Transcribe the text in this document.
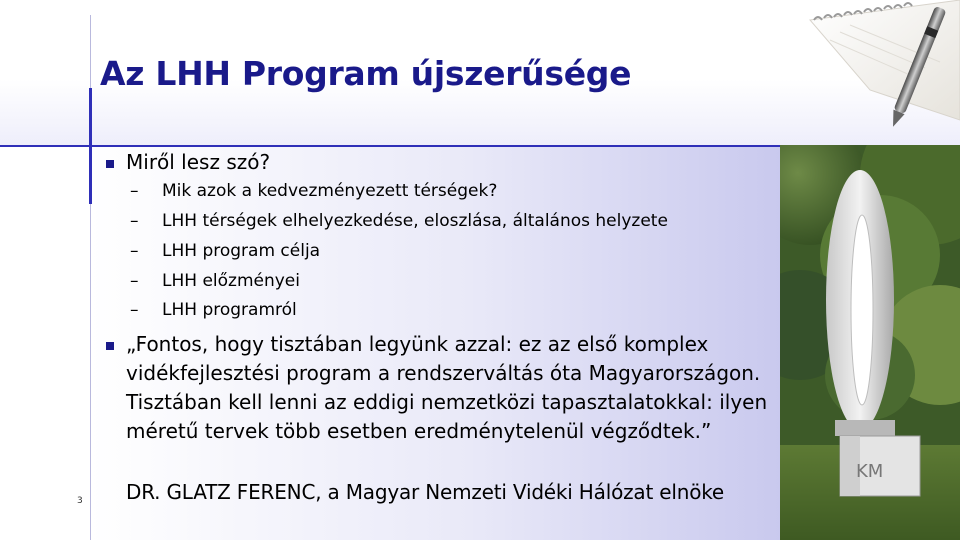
KM
Az LHH Program újszerűsége
Miről lesz szó?
– Mik azok a kedvezményezett térségek?
– LHH térségek elhelyezkedése, eloszlása, általános helyzete
– LHH program célja
– LHH előzményei
– LHH programról

„Fontos, hogy tisztában legyünk azzal: ez az első komplex vidékfejlesztési program a rendszerváltás óta Magyarországon. Tisztában kell lenni az eddigi nemzetközi tapasztalatokkal: ilyen méretű tervek több esetben eredménytelenül végződtek.”

DR. GLATZ FERENC, a Magyar Nemzeti Vidéki Hálózat elnöke
3
